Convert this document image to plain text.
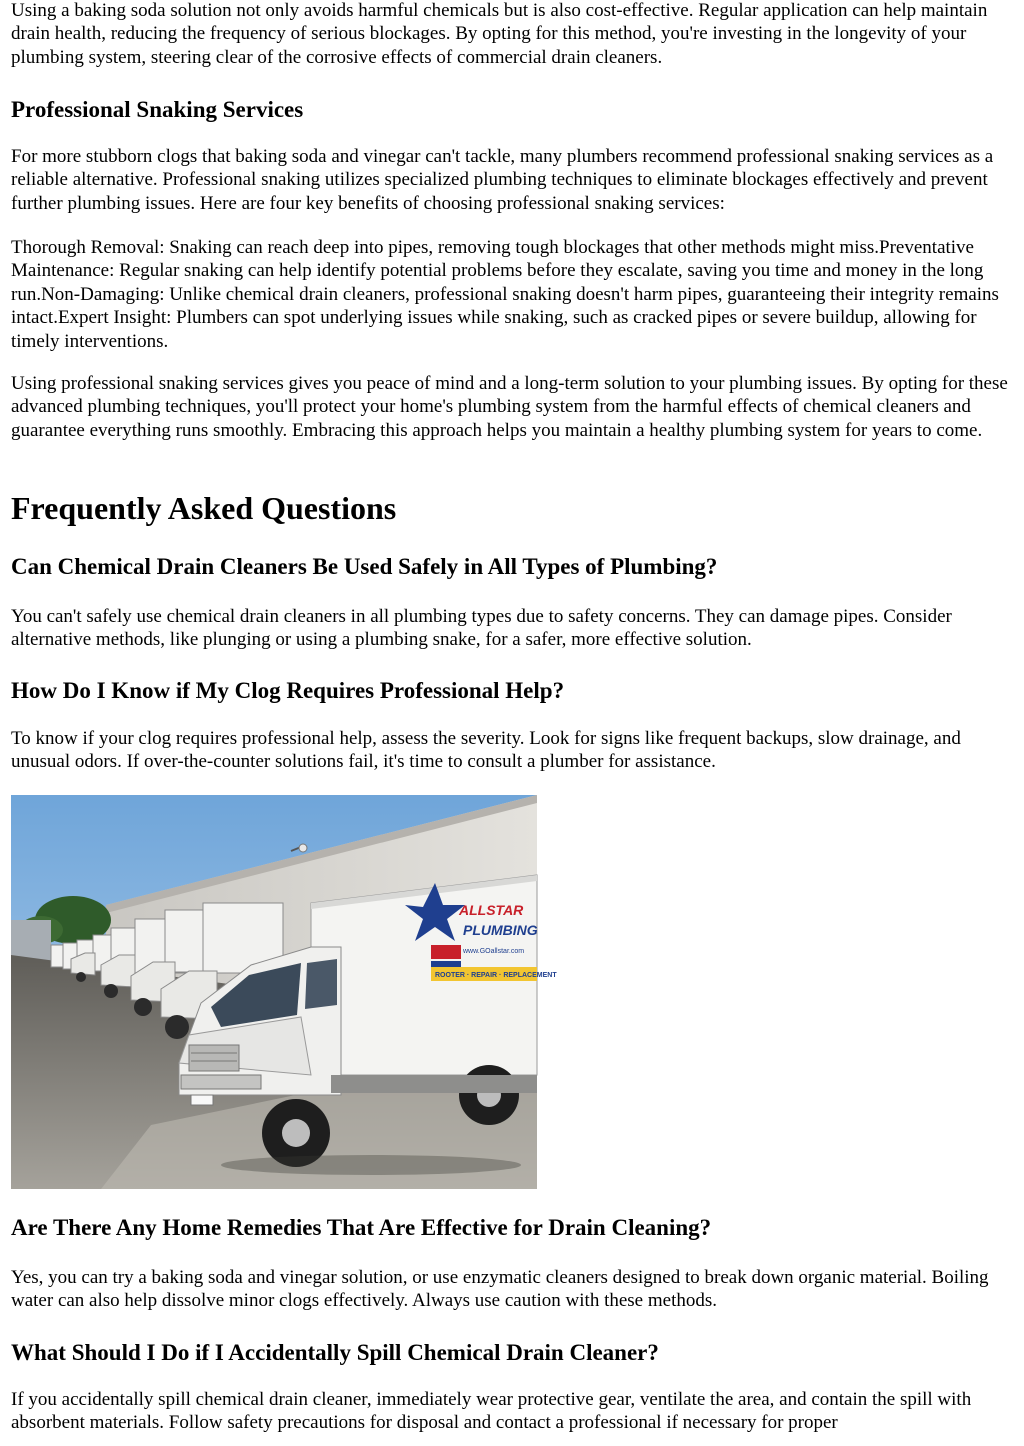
Using a baking soda solution not only avoids harmful chemicals but is also cost-effective. Regular application can help maintain drain health, reducing the frequency of serious blockages. By opting for this method, you're investing in the longevity of your plumbing system, steering clear of the corrosive effects of commercial drain cleaners.

Professional Snaking Services

For more stubborn clogs that baking soda and vinegar can't tackle, many plumbers recommend professional snaking services as a reliable alternative. Professional snaking utilizes specialized plumbing techniques to eliminate blockages effectively and prevent further plumbing issues. Here are four key benefits of choosing professional snaking services:

Thorough Removal: Snaking can reach deep into pipes, removing tough blockages that other methods might miss.Preventative Maintenance: Regular snaking can help identify potential problems before they escalate, saving you time and money in the long run.Non-Damaging: Unlike chemical drain cleaners, professional snaking doesn't harm pipes, guaranteeing their integrity remains intact.Expert Insight: Plumbers can spot underlying issues while snaking, such as cracked pipes or severe buildup, allowing for timely interventions.

Using professional snaking services gives you peace of mind and a long-term solution to your plumbing issues. By opting for these advanced plumbing techniques, you'll protect your home's plumbing system from the harmful effects of chemical cleaners and guarantee everything runs smoothly. Embracing this approach helps you maintain a healthy plumbing system for years to come.

Frequently Asked Questions
Can Chemical Drain Cleaners Be Used Safely in All Types of Plumbing?

You can't safely use chemical drain cleaners in all plumbing types due to safety concerns. They can damage pipes. Consider alternative methods, like plunging or using a plumbing snake, for a safer, more effective solution.

How Do I Know if My Clog Requires Professional Help?

To know if your clog requires professional help, assess the severity. Look for signs like frequent backups, slow drainage, and unusual odors. If over-the-counter solutions fail, it's time to consult a plumber for assistance.

ALLSTAR
PLUMBING
www.GOallstar.com
ROOTER · REPAIR · REPLACEMENT
Are There Any Home Remedies That Are Effective for Drain Cleaning?

Yes, you can try a baking soda and vinegar solution, or use enzymatic cleaners designed to break down organic material. Boiling water can also help dissolve minor clogs effectively. Always use caution with these methods.

What Should I Do if I Accidentally Spill Chemical Drain Cleaner?

If you accidentally spill chemical drain cleaner, immediately wear protective gear, ventilate the area, and contain the spill with absorbent materials. Follow safety precautions for disposal and contact a professional if necessary for proper
